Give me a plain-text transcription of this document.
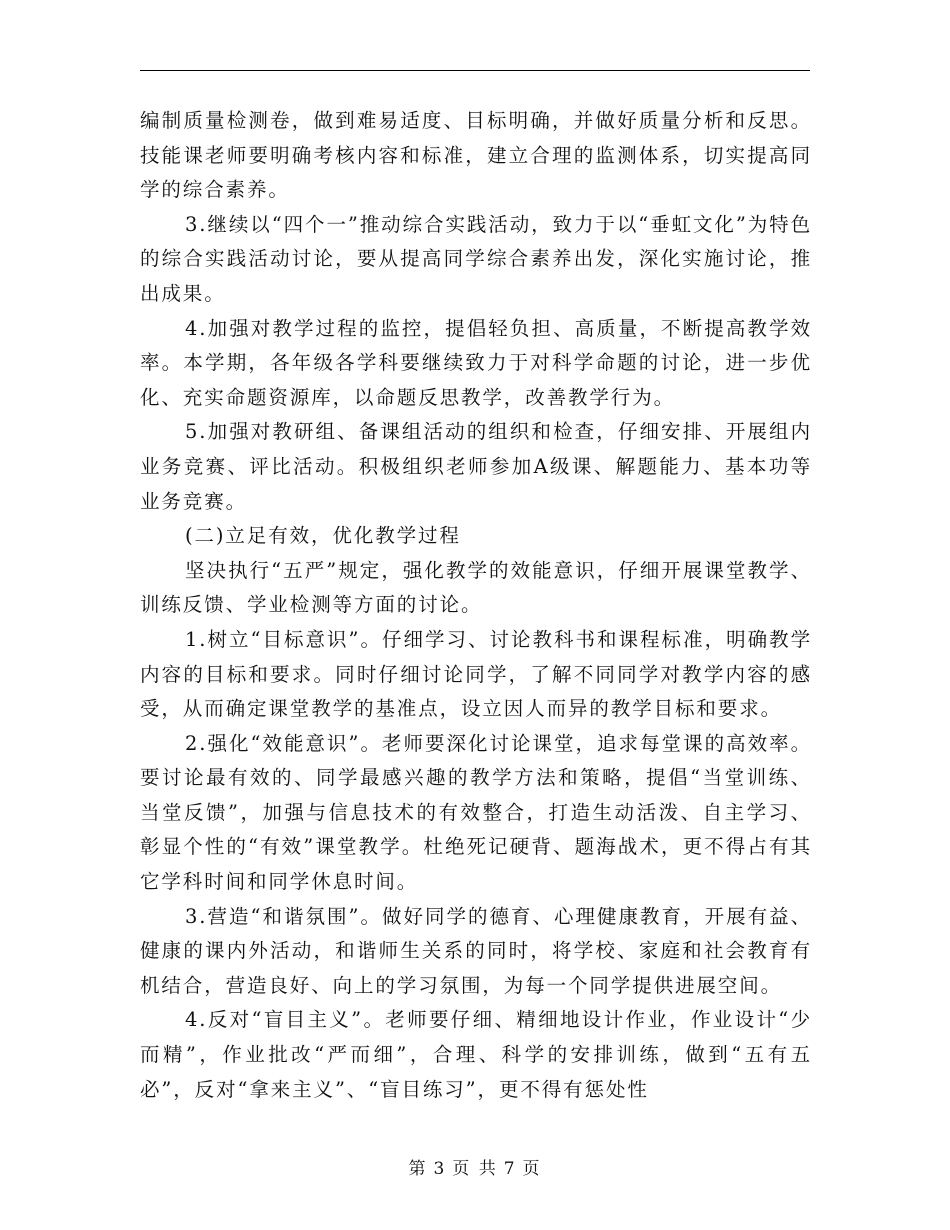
编制质量检测卷，做到难易适度、目标明确，并做好质量分析和反思。技能课老师要明确考核内容和标准，建立合理的监测体系，切实提高同学的综合素养。

3.继续以“四个一”推动综合实践活动，致力于以“垂虹文化”为特色的综合实践活动讨论，要从提高同学综合素养出发，深化实施讨论，推出成果。

4.加强对教学过程的监控，提倡轻负担、高质量，不断提高教学效率。本学期，各年级各学科要继续致力于对科学命题的讨论，进一步优化、充实命题资源库，以命题反思教学，改善教学行为。

5.加强对教研组、备课组活动的组织和检查，仔细安排、开展组内业务竞赛、评比活动。积极组织老师参加A级课、解题能力、基本功等业务竞赛。

(二)立足有效，优化教学过程

坚决执行“五严”规定，强化教学的效能意识，仔细开展课堂教学、训练反馈、学业检测等方面的讨论。

1.树立“目标意识”。仔细学习、讨论教科书和课程标准，明确教学内容的目标和要求。同时仔细讨论同学，了解不同同学对教学内容的感受，从而确定课堂教学的基准点，设立因人而异的教学目标和要求。

2.强化“效能意识”。老师要深化讨论课堂，追求每堂课的高效率。要讨论最有效的、同学最感兴趣的教学方法和策略，提倡“当堂训练、当堂反馈”，加强与信息技术的有效整合，打造生动活泼、自主学习、彰显个性的“有效”课堂教学。杜绝死记硬背、题海战术，更不得占有其它学科时间和同学休息时间。

3.营造“和谐氛围”。做好同学的德育、心理健康教育，开展有益、健康的课内外活动，和谐师生关系的同时，将学校、家庭和社会教育有机结合，营造良好、向上的学习氛围，为每一个同学提供进展空间。

4.反对“盲目主义”。老师要仔细、精细地设计作业，作业设计“少而精”，作业批改“严而细”，合理、科学的安排训练，做到“五有五必”，反对“拿来主义”、“盲目练习”，更不得有惩处性

第 3 页 共 7 页
